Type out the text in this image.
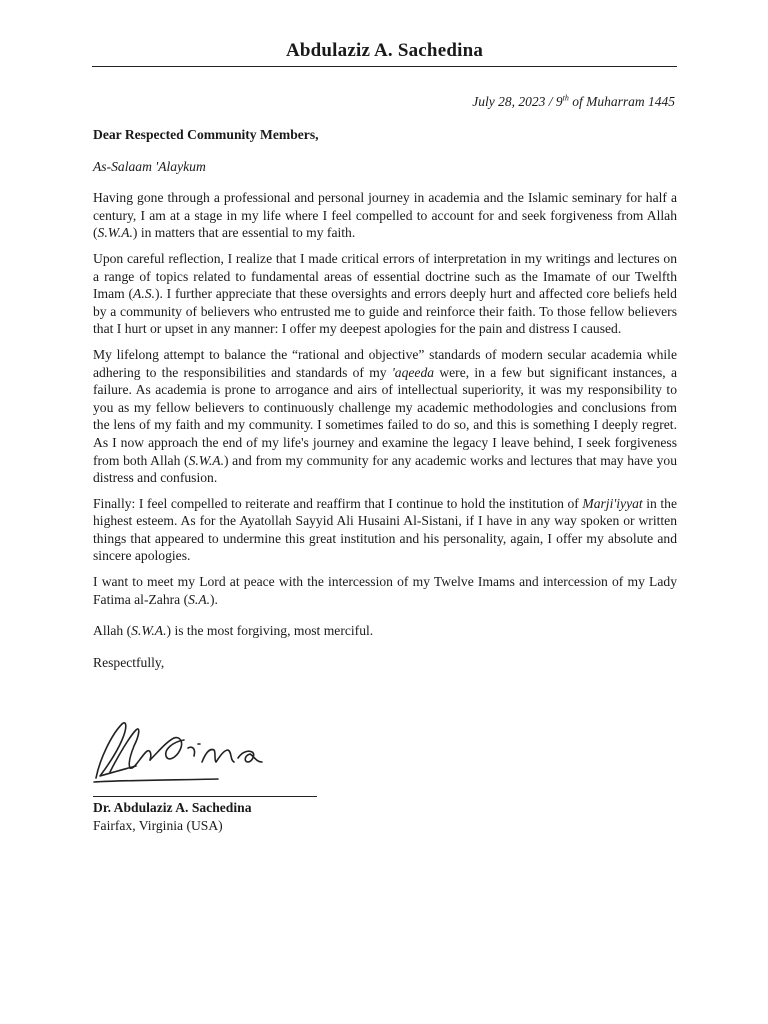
Abdulaziz A. Sachedina
July 28, 2023 / 9th of Muharram 1445

Dear Respected Community Members,

As-Salaam 'Alaykum

Having gone through a professional and personal journey in academia and the Islamic seminary for half a century, I am at a stage in my life where I feel compelled to account for and seek forgiveness from Allah (S.W.A.) in matters that are essential to my faith.

Upon careful reflection, I realize that I made critical errors of interpretation in my writings and lectures on a range of topics related to fundamental areas of essential doctrine such as the Imamate of our Twelfth Imam (A.S.). I further appreciate that these oversights and errors deeply hurt and affected core beliefs held by a community of believers who entrusted me to guide and reinforce their faith. To those fellow believers that I hurt or upset in any manner: I offer my deepest apologies for the pain and distress I caused.

My lifelong attempt to balance the “rational and objective” standards of modern secular academia while adhering to the responsibilities and standards of my 'aqeeda were, in a few but significant instances, a failure. As academia is prone to arrogance and airs of intellectual superiority, it was my responsibility to you as my fellow believers to continuously challenge my academic methodologies and conclusions from the lens of my faith and my community. I sometimes failed to do so, and this is something I deeply regret. As I now approach the end of my life's journey and examine the legacy I leave behind, I seek forgiveness from both Allah (S.W.A.) and from my community for any academic works and lectures that may have you distress and confusion.

Finally: I feel compelled to reiterate and reaffirm that I continue to hold the institution of Marji'iyyat in the highest esteem. As for the Ayatollah Sayyid Ali Husaini Al-Sistani, if I have in any way spoken or written things that appeared to undermine this great institution and his personality, again, I offer my absolute and sincere apologies.

I want to meet my Lord at peace with the intercession of my Twelve Imams and intercession of my Lady Fatima al-Zahra (S.A.).

Allah (S.W.A.) is the most forgiving, most merciful.

Respectfully,

Dr. Abdulaziz A. Sachedina
Fairfax, Virginia (USA)
